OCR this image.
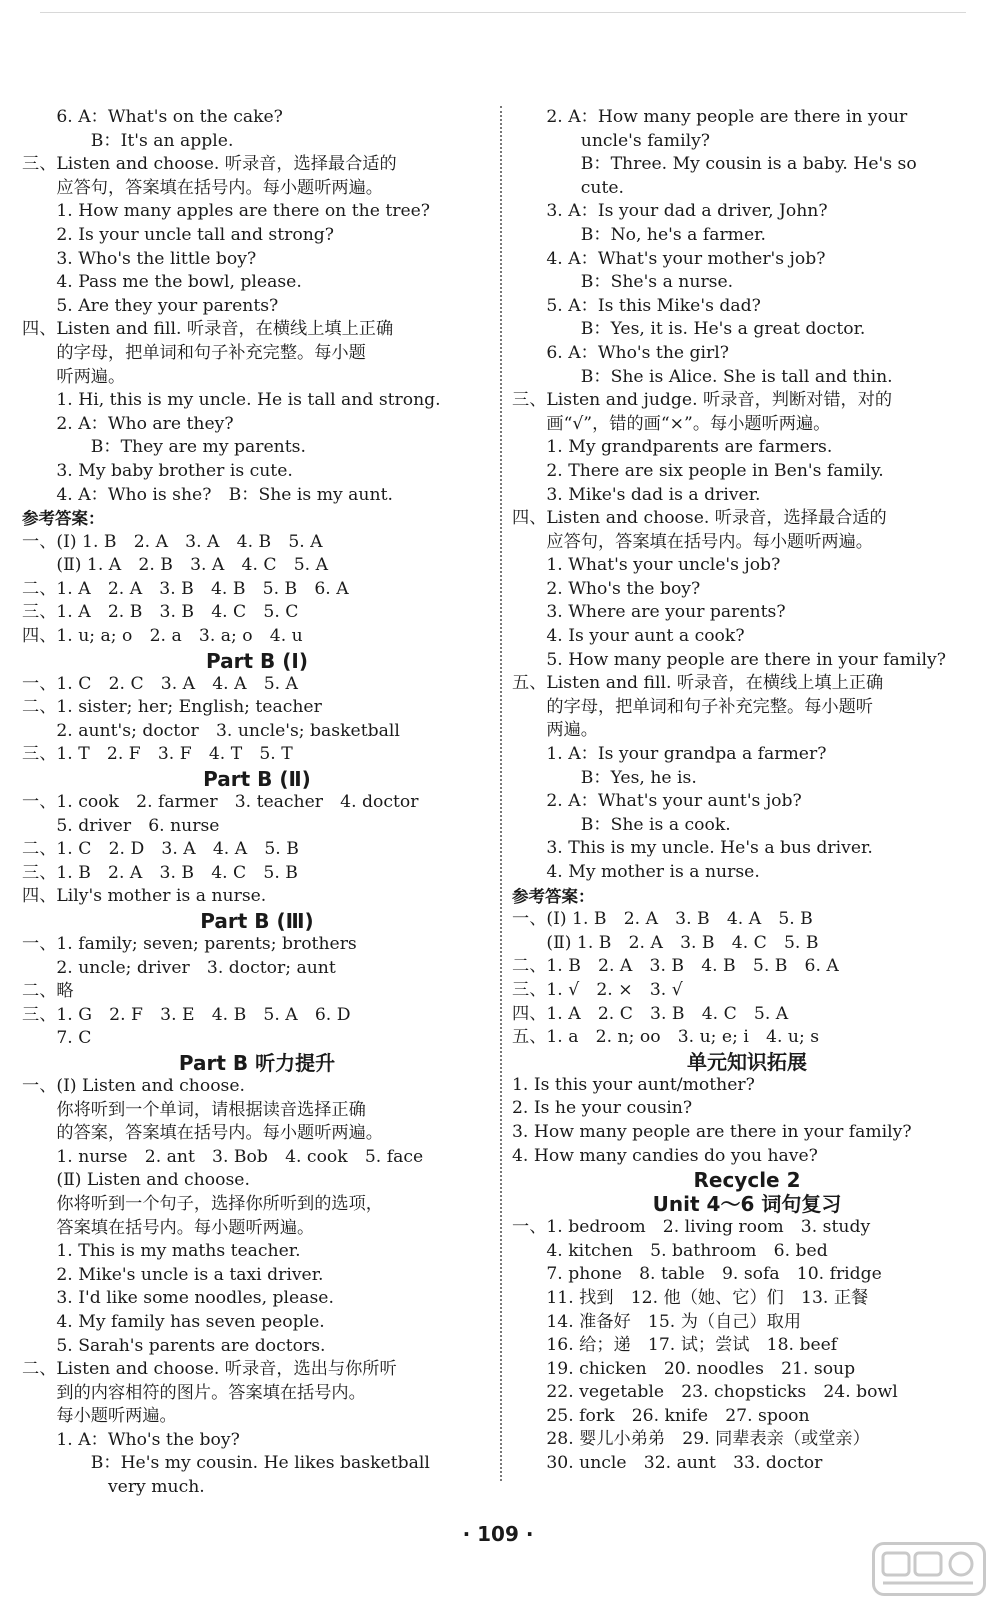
　　6. A：What's on the cake?
　　　　B：It's an apple.
三、Listen and choose. 听录音，选择最合适的
　　应答句，答案填在括号内。每小题听两遍。
　　1. How many apples are there on the tree?
　　2. Is your uncle tall and strong?
　　3. Who's the little boy?
　　4. Pass me the bowl, please.
　　5. Are they your parents?
四、Listen and fill. 听录音，在横线上填上正确
　　的字母，把单词和句子补充完整。每小题
　　听两遍。
　　1. Hi, this is my uncle. He is tall and strong.
　　2. A：Who are they?
　　　　B：They are my parents.
　　3. My baby brother is cute.
　　4. A：Who is she?　B：She is my aunt.
参考答案：
一、(Ⅰ) 1. B　2. A　3. A　4. B　5. A
　　(Ⅱ) 1. A　2. B　3. A　4. C　5. A
二、1. A　2. A　3. B　4. B　5. B　6. A
三、1. A　2. B　3. B　4. C　5. C
四、1. u; a; o　2. a　3. a; o　4. u
Part B (Ⅰ)
一、1. C　2. C　3. A　4. A　5. A
二、1. sister; her; English; teacher
　　2. aunt's; doctor　3. uncle's; basketball
三、1. T　2. F　3. F　4. T　5. T
Part B (Ⅱ)
一、1. cook　2. farmer　3. teacher　4. doctor
　　5. driver　6. nurse
二、1. C　2. D　3. A　4. A　5. B
三、1. B　2. A　3. B　4. C　5. B
四、Lily's mother is a nurse.
Part B (Ⅲ)
一、1. family; seven; parents; brothers
　　2. uncle; driver　3. doctor; aunt
二、略
三、1. G　2. F　3. E　4. B　5. A　6. D
　　7. C
Part B 听力提升
一、(Ⅰ) Listen and choose.
　　你将听到一个单词，请根据读音选择正确
　　的答案，答案填在括号内。每小题听两遍。
　　1. nurse　2. ant　3. Bob　4. cook　5. face
　　(Ⅱ) Listen and choose.
　　你将听到一个句子，选择你所听到的选项，
　　答案填在括号内。每小题听两遍。
　　1. This is my maths teacher.
　　2. Mike's uncle is a taxi driver.
　　3. I'd like some noodles, please.
　　4. My family has seven people.
　　5. Sarah's parents are doctors.
二、Listen and choose. 听录音，选出与你所听
　　到的内容相符的图片。答案填在括号内。
　　每小题听两遍。
　　1. A：Who's the boy?
　　　　B：He's my cousin. He likes basketball
　　　　　very much.
　　2. A：How many people are there in your
　　　　uncle's family?
　　　　B：Three. My cousin is a baby. He's so
　　　　cute.
　　3. A：Is your dad a driver, John?
　　　　B：No, he's a farmer.
　　4. A：What's your mother's job?
　　　　B：She's a nurse.
　　5. A：Is this Mike's dad?
　　　　B：Yes, it is. He's a great doctor.
　　6. A：Who's the girl?
　　　　B：She is Alice. She is tall and thin.
三、Listen and judge. 听录音，判断对错，对的
　　画“√”，错的画“×”。每小题听两遍。
　　1. My grandparents are farmers.
　　2. There are six people in Ben's family.
　　3. Mike's dad is a driver.
四、Listen and choose. 听录音，选择最合适的
　　应答句，答案填在括号内。每小题听两遍。
　　1. What's your uncle's job?
　　2. Who's the boy?
　　3. Where are your parents?
　　4. Is your aunt a cook?
　　5. How many people are there in your family?
五、Listen and fill. 听录音，在横线上填上正确
　　的字母，把单词和句子补充完整。每小题听
　　两遍。
　　1. A：Is your grandpa a farmer?
　　　　B：Yes, he is.
　　2. A：What's your aunt's job?
　　　　B：She is a cook.
　　3. This is my uncle. He's a bus driver.
　　4. My mother is a nurse.
参考答案：
一、(Ⅰ) 1. B　2. A　3. B　4. A　5. B
　　(Ⅱ) 1. B　2. A　3. B　4. C　5. B
二、1. B　2. A　3. B　4. B　5. B　6. A
三、1. √　2. ×　3. √
四、1. A　2. C　3. B　4. C　5. A
五、1. a　2. n; oo　3. u; e; i　4. u; s
单元知识拓展
1. Is this your aunt/mother?
2. Is he your cousin?
3. How many people are there in your family?
4. How many candies do you have?
Recycle 2
Unit 4～6 词句复习
一、1. bedroom　2. living room　3. study
　　4. kitchen　5. bathroom　6. bed
　　7. phone　8. table　9. sofa　10. fridge
　　11. 找到　12. 他（她、它）们　13. 正餐
　　14. 准备好　15. 为（自己）取用
　　16. 给；递　17. 试；尝试　18. beef
　　19. chicken　20. noodles　21. soup
　　22. vegetable　23. chopsticks　24. bowl
　　25. fork　26. knife　27. spoon
　　28. 婴儿小弟弟　29. 同辈表亲（或堂亲）
　　30. uncle　32. aunt　33. doctor
· 109 ·
